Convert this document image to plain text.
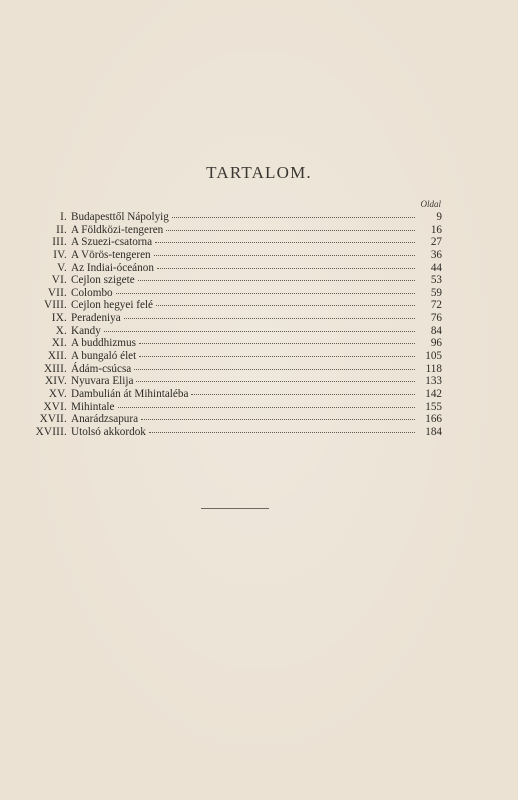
TARTALOM.
Oldal
I. Budapesttől Nápolyig	9
II. A Földközi-tengeren	16
III. A Szuezi-csatorna	27
IV. A Vörös-tengeren	36
V. Az Indiai-óceánon	44
VI. Cejlon szigete	53
VII. Colombo	59
VIII. Cejlon hegyei felé	72
IX. Peradeniya	76
X. Kandy	84
XI. A buddhizmus	96
XII. A bungaló élet	105
XIII. Ádám-csúcsa	118
XIV. Nyuvara Elija	133
XV. Dambulián át Mihintaléba	142
XVI. Mihintale	155
XVII. Anarádzsapura	166
XVIII. Utolsó akkordok	184
